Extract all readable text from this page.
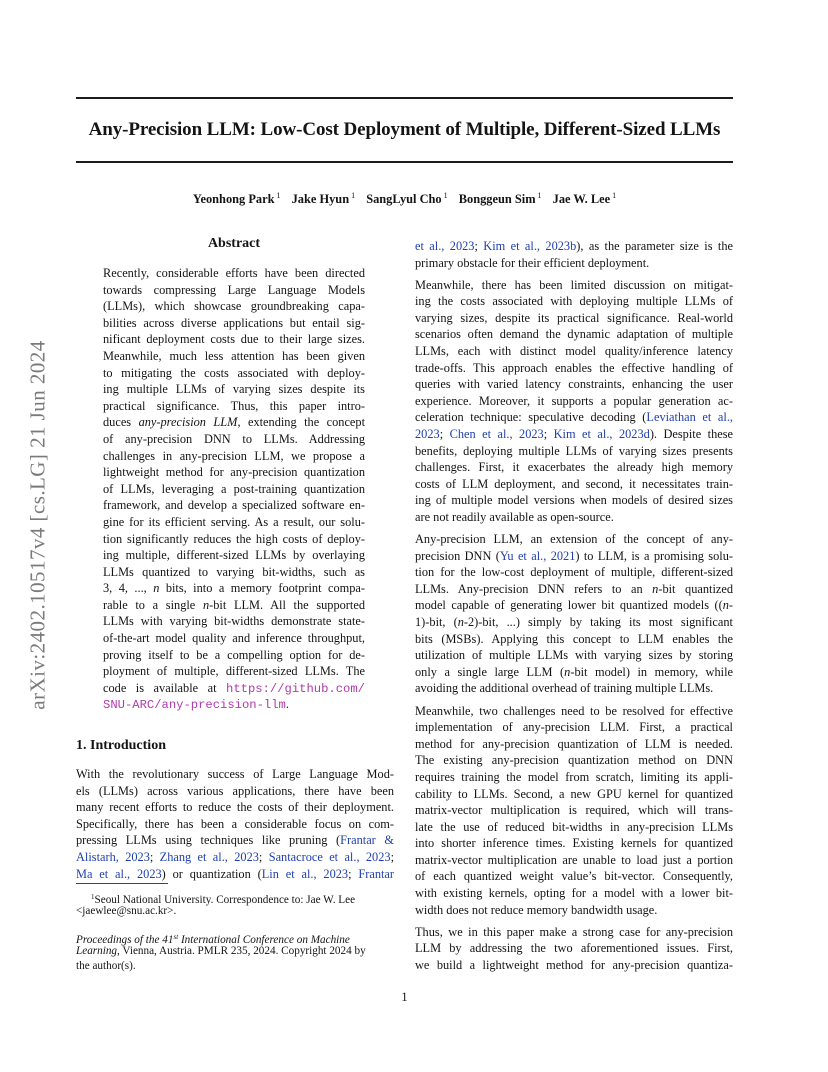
Any-Precision LLM: Low-Cost Deployment of Multiple, Different-Sized LLMs
Yeonhong Park $^1$ Jake Hyun $^1$ SangLyul Cho $^1$ Bonggeun Sim $^1$ Jae W. Lee $^1$
arXiv:2402.10517v4 [cs.LG] 21 Jun 2024
Abstract
Recently, considerable efforts have been directed
towards compressing Large Language Models
(LLMs), which showcase groundbreaking capa-
bilities across diverse applications but entail sig-
nificant deployment costs due to their large sizes.
Meanwhile, much less attention has been given
to mitigating the costs associated with deploy-
ing multiple LLMs of varying sizes despite its
practical significance. Thus, this paper intro-
duces any-precision LLM, extending the concept
of any-precision DNN to LLMs. Addressing
challenges in any-precision LLM, we propose a
lightweight method for any-precision quantization
of LLMs, leveraging a post-training quantization
framework, and develop a specialized software en-
gine for its efficient serving. As a result, our solu-
tion significantly reduces the high costs of deploy-
ing multiple, different-sized LLMs by overlaying
LLMs quantized to varying bit-widths, such as
3, 4, ..., n bits, into a memory footprint compa-
rable to a single n-bit LLM. All the supported
LLMs with varying bit-widths demonstrate state-
of-the-art model quality and inference throughput,
proving itself to be a compelling option for de-
ployment of multiple, different-sized LLMs. The
code is available at https://github.com/
SNU-ARC/any-precision-llm.
1. Introduction
With the revolutionary success of Large Language Mod-
els (LLMs) across various applications, there have been
many recent efforts to reduce the costs of their deployment.
Specifically, there has been a considerable focus on com-
pressing LLMs using techniques like pruning (Frantar &
Alistarh, 2023; Zhang et al., 2023; Santacroce et al., 2023;
Ma et al., 2023) or quantization (Lin et al., 2023; Frantar
$^1$Seoul National University. Correspondence to: Jae W. Lee
<jaewlee@snu.ac.kr>.
Proceedings of the 41st International Conference on Machine
Learning, Vienna, Austria. PMLR 235, 2024. Copyright 2024 by
the author(s).
et al., 2023; Kim et al., 2023b), as the parameter size is the
primary obstacle for their efficient deployment.
Meanwhile, there has been limited discussion on mitigat-
ing the costs associated with deploying multiple LLMs of
varying sizes, despite its practical significance. Real-world
scenarios often demand the dynamic adaptation of multiple
LLMs, each with distinct model quality/inference latency
trade-offs. This approach enables the effective handling of
queries with varied latency constraints, enhancing the user
experience. Moreover, it supports a popular generation ac-
celeration technique: speculative decoding (Leviathan et al.,
2023; Chen et al., 2023; Kim et al., 2023d). Despite these
benefits, deploying multiple LLMs of varying sizes presents
challenges. First, it exacerbates the already high memory
costs of LLM deployment, and second, it necessitates train-
ing of multiple model versions when models of desired sizes
are not readily available as open-source.
Any-precision LLM, an extension of the concept of any-
precision DNN (Yu et al., 2021) to LLM, is a promising solu-
tion for the low-cost deployment of multiple, different-sized
LLMs. Any-precision DNN refers to an n-bit quantized
model capable of generating lower bit quantized models ((n-
1)-bit, (n-2)-bit, ...) simply by taking its most significant
bits (MSBs). Applying this concept to LLM enables the
utilization of multiple LLMs with varying sizes by storing
only a single large LLM (n-bit model) in memory, while
avoiding the additional overhead of training multiple LLMs.
Meanwhile, two challenges need to be resolved for effective
implementation of any-precision LLM. First, a practical
method for any-precision quantization of LLM is needed.
The existing any-precision quantization method on DNN
requires training the model from scratch, limiting its appli-
cability to LLMs. Second, a new GPU kernel for quantized
matrix-vector multiplication is required, which will trans-
late the use of reduced bit-widths in any-precision LLMs
into shorter inference times. Existing kernels for quantized
matrix-vector multiplication are unable to load just a portion
of each quantized weight value’s bit-vector. Consequently,
with existing kernels, opting for a model with a lower bit-
width does not reduce memory bandwidth usage.
Thus, we in this paper make a strong case for any-precision
LLM by addressing the two aforementioned issues. First,
we build a lightweight method for any-precision quantiza-
1
